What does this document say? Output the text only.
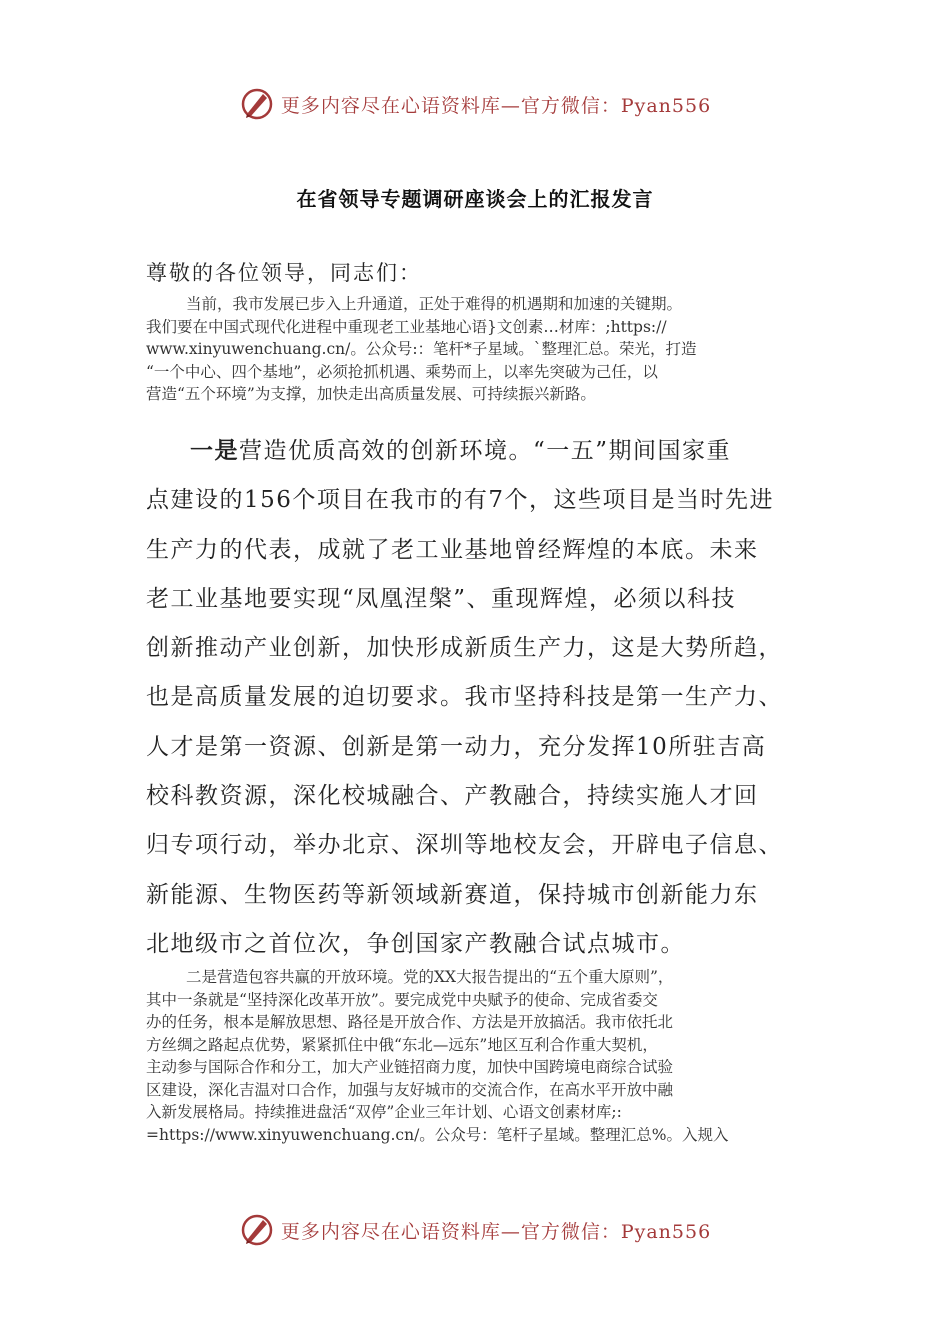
更多内容尽在心语资料库—官方微信：Pyan556
在省领导专题调研座谈会上的汇报发言
尊敬的各位领导，同志们：
当前，我市发展已步入上升通道，正处于难得的机遇期和加速的关键期。
我们要在中国式现代化进程中重现老工业基地心语}文创素…材库：;https://
www.xinyuwenchuang.cn/。公众号:：笔杆*子星域。`整理汇总。荣光，打造
“一个中心、四个基地”，必须抢抓机遇、乘势而上，以率先突破为己任，以
营造“五个环境”为支撑，加快走出高质量发展、可持续振兴新路。
一是营造优质高效的创新环境。“一五”期间国家重
点建设的156个项目在我市的有7个，这些项目是当时先进
生产力的代表，成就了老工业基地曾经辉煌的本底。未来
老工业基地要实现“凤凰涅槃”、重现辉煌，必须以科技
创新推动产业创新，加快形成新质生产力，这是大势所趋，
也是高质量发展的迫切要求。我市坚持科技是第一生产力、
人才是第一资源、创新是第一动力，充分发挥10所驻吉高
校科教资源，深化校城融合、产教融合，持续实施人才回
归专项行动，举办北京、深圳等地校友会，开辟电子信息、
新能源、生物医药等新领域新赛道，保持城市创新能力东
北地级市之首位次，争创国家产教融合试点城市。
二是营造包容共赢的开放环境。党的XX大报告提出的“五个重大原则”，
其中一条就是“坚持深化改革开放”。要完成党中央赋予的使命、完成省委交
办的任务，根本是解放思想、路径是开放合作、方法是开放搞活。我市依托北
方丝绸之路起点优势，紧紧抓住中俄“东北—远东”地区互利合作重大契机，
主动参与国际合作和分工，加大产业链招商力度，加快中国跨境电商综合试验
区建设，深化吉温对口合作，加强与友好城市的交流合作，在高水平开放中融
入新发展格局。持续推进盘活“双停”企业三年计划、心语文创素材库;:
=https://www.xinyuwenchuang.cn/。公众号：笔杆子星域。整理汇总%。入规入
更多内容尽在心语资料库—官方微信：Pyan556
